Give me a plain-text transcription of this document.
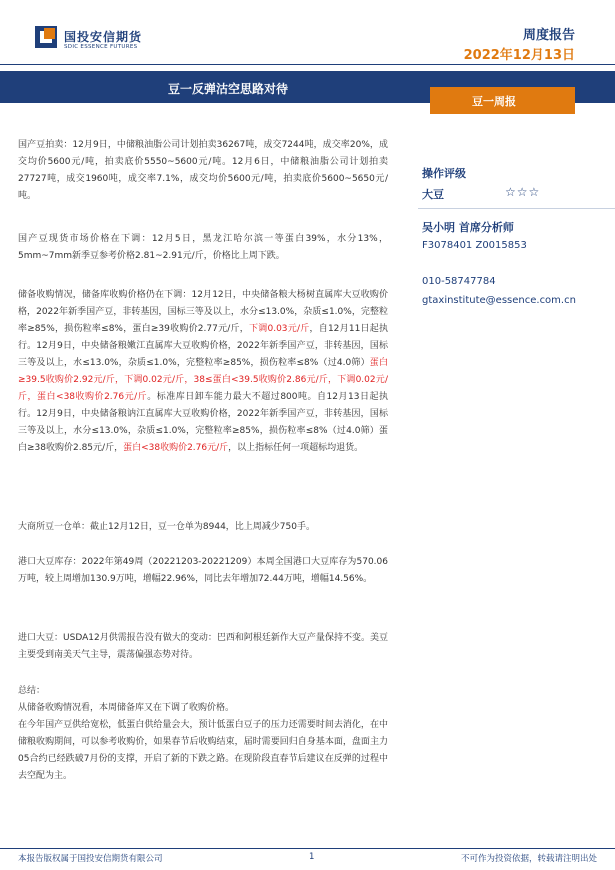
国投安信期货
SDIC ESSENCE FUTURES
周度报告
2022年12月13日
豆一反弹沽空思路对待
豆一周报
国产豆拍卖：12月9日，中储粮油脂公司计划拍卖36267吨，成交7244吨，成交率20%，成交均价5600元/吨，拍卖底价5550~5600元/吨。12月6日，中储粮油脂公司计划拍卖27727吨，成交1960吨，成交率7.1%，成交均价5600元/吨，拍卖底价5600~5650元/吨。
国产豆现货市场价格在下调：12月5日，黑龙江哈尔滨一等蛋白39%，水分13%，5mm~7mm新季豆参考价格2.81~2.91元/斤，价格比上周下跌。
储备收购情况，储备库收购价格仍在下调：12月12日，中央储备粮大杨树直属库大豆收购价格，2022年新季国产豆，非转基因，国标三等及以上，水分≤13.0%，杂质≤1.0%，完整粒率≥85%，损伤粒率≤8%，蛋白≥39收购价2.77元/斤，下调0.03元/斤，自12月11日起执行。12月9日，中央储备粮嫩江直属库大豆收购价格，2022年新季国产豆，非转基因，国标三等及以上，水≤13.0%，杂质≤1.0%，完整粒率≥85%，损伤粒率≤8%（过4.0筛）蛋白≥39.5收购价2.92元/斤，下调0.02元/斤，38≤蛋白<39.5收购价2.86元/斤，下调0.02元/斤，蛋白<38收购价2.76元/斤。标准库日卸车能力最大不超过800吨。自12月13日起执行。12月9日，中央储备粮讷江直属库大豆收购价格，2022年新季国产豆，非转基因，国标三等及以上，水分≤13.0%，杂质≤1.0%，完整粒率≥85%，损伤粒率≤8%（过4.0筛）蛋白≥38收购价2.85元/斤，蛋白<38收购价2.76元/斤，以上指标任何一项超标均退货。
大商所豆一仓单：截止12月12日，豆一仓单为8944，比上周减少750手。
港口大豆库存：2022年第49周（20221203-20221209）本周全国港口大豆库存为570.06万吨，较上周增加130.9万吨，增幅22.96%，同比去年增加72.44万吨，增幅14.56%。
进口大豆：USDA12月供需报告没有做大的变动：巴西和阿根廷新作大豆产量保持不变。美豆主要受到南美天气主导，震荡偏强态势对待。
总结：
从储备收购情况看，本周储备库又在下调了收购价格。
在今年国产豆供给宽松，低蛋白供给量会大，预计低蛋白豆子的压力还需要时间去消化，在中储粮收购期间，可以参考收购价，如果春节后收购结束，届时需要回归自身基本面，盘面主力05合约已经跌破7月份的支撑，开启了新的下跌之路。在现阶段直春节后建议在反弹的过程中去空配为主。
操作评级
大豆	☆☆☆
吴小明 首席分析师
F3078401 Z0015853
010-58747784
gtaxinstitute@essence.com.cn
本报告版权属于国投安信期货有限公司	1	不可作为投资依据，转载请注明出处
